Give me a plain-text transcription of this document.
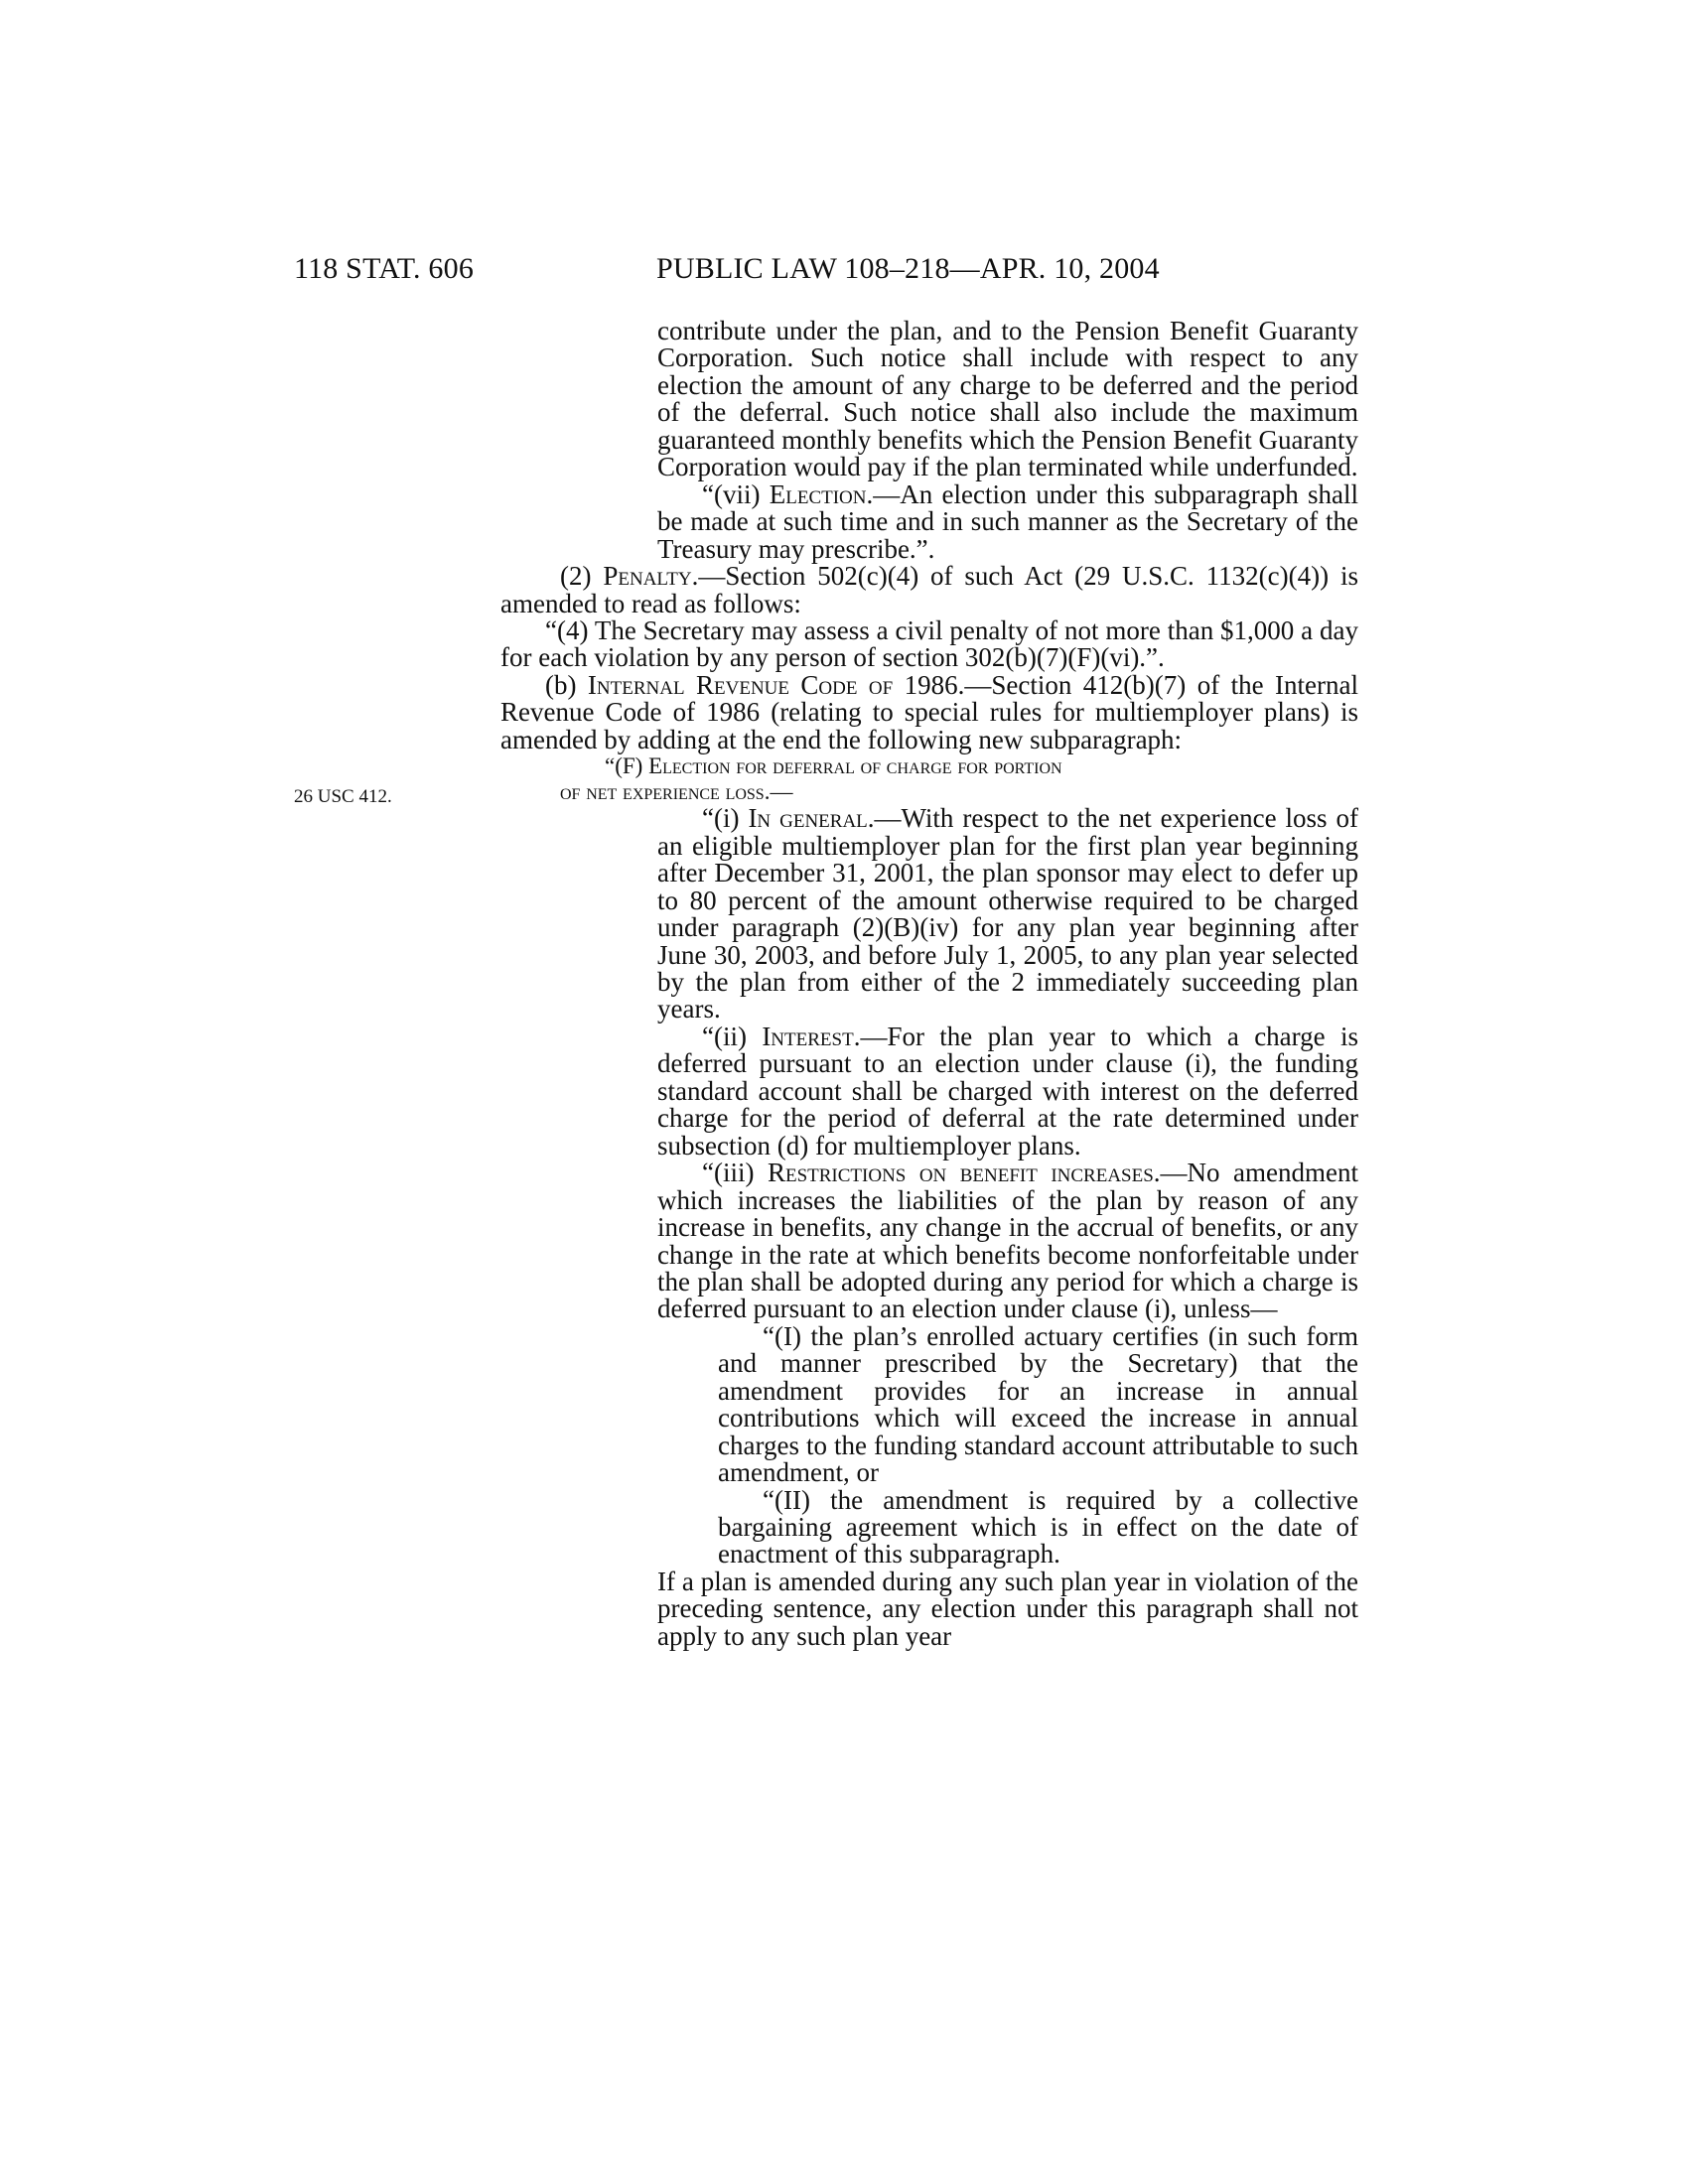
118 STAT. 606	PUBLIC LAW 108–218—APR. 10, 2004
26 USC 412.

contribute under the plan, and to the Pension Benefit Guaranty Corporation. Such notice shall include with respect to any election the amount of any charge to be deferred and the period of the deferral. Such notice shall also include the maximum guaranteed monthly benefits which the Pension Benefit Guaranty Corporation would pay if the plan terminated while underfunded.

“(vii) Election.—An election under this subparagraph shall be made at such time and in such manner as the Secretary of the Treasury may prescribe.”.

(2) Penalty.—Section 502(c)(4) of such Act (29 U.S.C. 1132(c)(4)) is amended to read as follows:

“(4) The Secretary may assess a civil penalty of not more than $1,000 a day for each violation by any person of section 302(b)(7)(F)(vi).”.

(b) Internal Revenue Code of 1986.—Section 412(b)(7) of the Internal Revenue Code of 1986 (relating to special rules for multiemployer plans) is amended by adding at the end the following new subparagraph:

“(F) Election for deferral of charge for portion
of net experience loss.—

“(i) In general.—With respect to the net experience loss of an eligible multiemployer plan for the first plan year beginning after December 31, 2001, the plan sponsor may elect to defer up to 80 percent of the amount otherwise required to be charged under paragraph (2)(B)(iv) for any plan year beginning after June 30, 2003, and before July 1, 2005, to any plan year selected by the plan from either of the 2 immediately succeeding plan years.

“(ii) Interest.—For the plan year to which a charge is deferred pursuant to an election under clause (i), the funding standard account shall be charged with interest on the deferred charge for the period of deferral at the rate determined under subsection (d) for multiemployer plans.

“(iii) Restrictions on benefit increases.—No amendment which increases the liabilities of the plan by reason of any increase in benefits, any change in the accrual of benefits, or any change in the rate at which benefits become nonforfeitable under the plan shall be adopted during any period for which a charge is deferred pursuant to an election under clause (i), unless—

“(I) the plan’s enrolled actuary certifies (in such form and manner prescribed by the Secretary) that the amendment provides for an increase in annual contributions which will exceed the increase in annual charges to the funding standard account attributable to such amendment, or

“(II) the amendment is required by a collective bargaining agreement which is in effect on the date of enactment of this subparagraph.

If a plan is amended during any such plan year in violation of the preceding sentence, any election under this paragraph shall not apply to any such plan year
